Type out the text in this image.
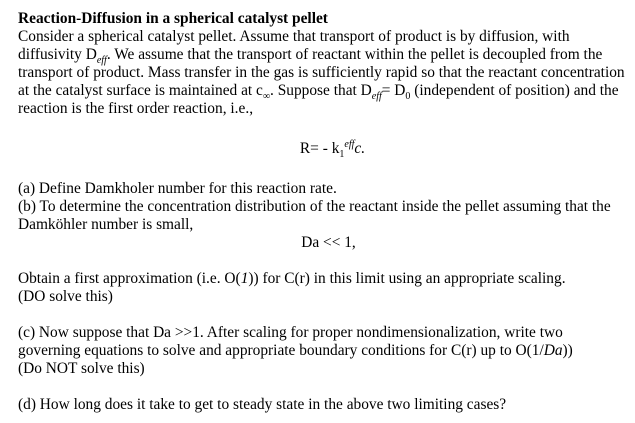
Reaction-Diffusion in a spherical catalyst pellet

Consider a spherical catalyst pellet. Assume that transport of product is by diffusion, with diffusivity $D_{eff}$. We assume that the transport of reactant within the pellet is decoupled from the transport of product. Mass transfer in the gas is sufficiently rapid so that the reactant concentration at the catalyst surface is maintained at $c_\infty$. Suppose that $D_{eff}= D_0$ (independent of position) and the reaction is the first order reaction, i.e.,

$R= - k_1^{eff}c$.

(a) Define Damkholer number for this reaction rate.

(b) To determine the concentration distribution of the reactant inside the pellet assuming that the Damköhler number is small,

Da << 1,

Obtain a first approximation (i.e. O(1)) for C(r) in this limit using an appropriate scaling.

(DO solve this)

(c) Now suppose that Da >>1. After scaling for proper nondimensionalization, write two governing equations to solve and appropriate boundary conditions for C(r) up to O(1/Da))

(Do NOT solve this)

(d) How long does it take to get to steady state in the above two limiting cases?
